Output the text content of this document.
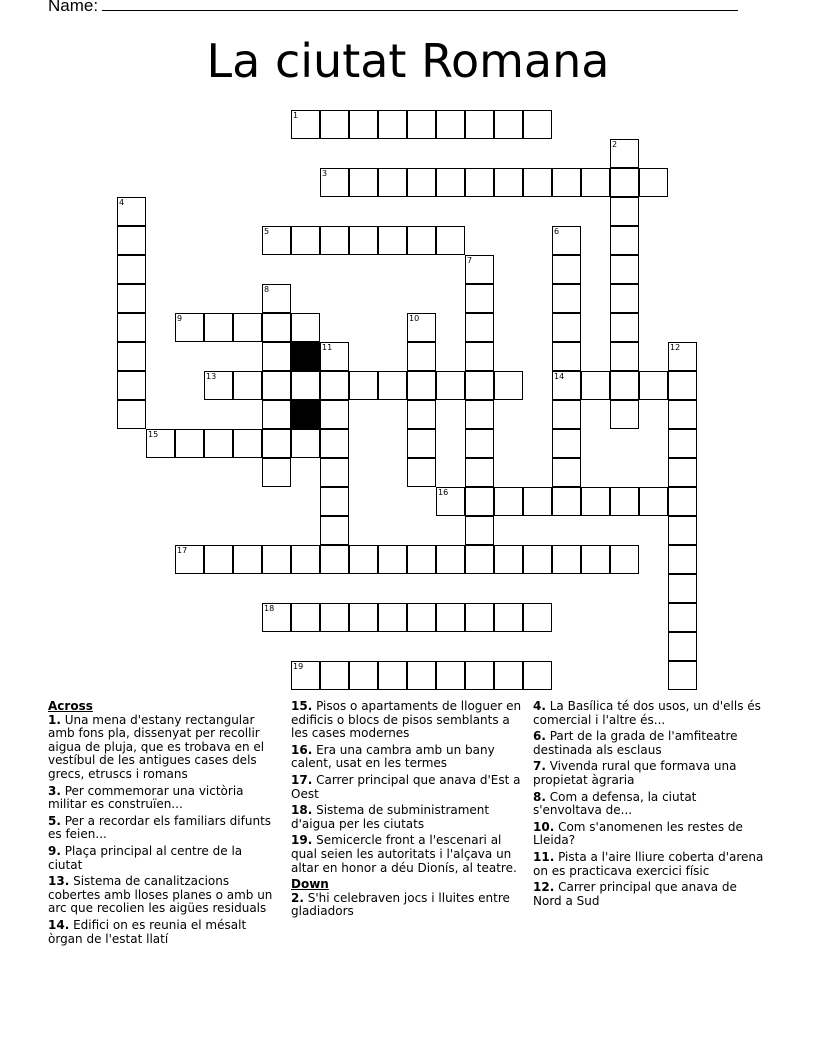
Name:
La ciutat Romana
1
2
3
4
5	6
7
8
9	10
11	12
13	14
15
16
17
18
19
Across
1. Una mena d'estany rectangular amb fons pla, dissenyat per recollir aigua de pluja, que es trobava en el vestíbul de les antigues cases dels grecs, etruscs i romans
3. Per commemorar una victòria militar es construïen...
5. Per a recordar els familiars difunts es feien...
9. Plaça principal al centre de la ciutat
13. Sistema de canalitzacions cobertes amb lloses planes o amb un arc que recolien les aigües residuals
14. Edifici on es reunia el mésalt òrgan de l'estat llatí
15. Pisos o apartaments de lloguer en edificis o blocs de pisos semblants a les cases modernes
16. Era una cambra amb un bany calent, usat en les termes
17. Carrer principal que anava d'Est a Oest
18. Sistema de subministrament d'aigua per les ciutats
19. Semicercle front a l'escenari al qual seien les autoritats i l'alçava un altar en honor a déu Dionís, al teatre.
Down
2. S'hi celebraven jocs i lluites entre gladiadors
4. La Basílica té dos usos, un d'ells és comercial i l'altre és...
6. Part de la grada de l'amfiteatre destinada als esclaus
7. Vivenda rural que formava una propietat àgraria
8. Com a defensa, la ciutat s'envoltava de...
10. Com s'anomenen les restes de Lleida?
11. Pista a l'aire lliure coberta d'arena on es practicava exercici físic
12. Carrer principal que anava de Nord a Sud
